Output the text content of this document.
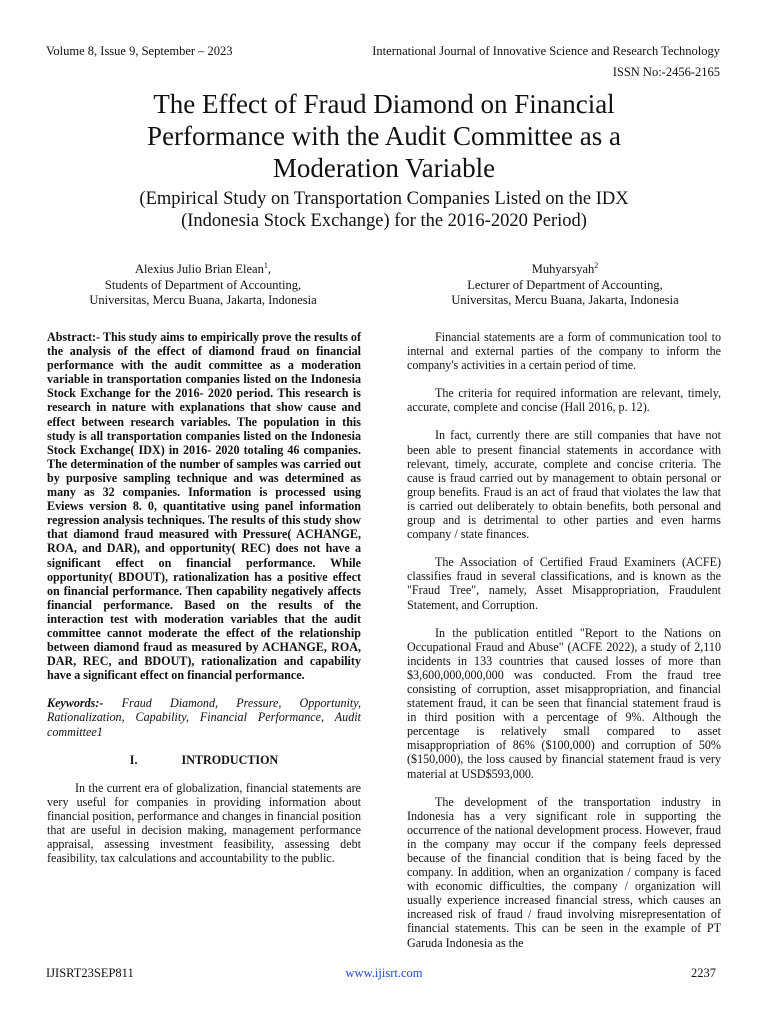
Volume 8, Issue 9, September – 2023	International Journal of Innovative Science and Research Technology
ISSN No:-2456-2165
The Effect of Fraud Diamond on Financial
Performance with the Audit Committee as a
Moderation Variable
(Empirical Study on Transportation Companies Listed on the IDX
(Indonesia Stock Exchange) for the 2016-2020 Period)
Alexius Julio Brian Elean$^1$,
Students of Department of Accounting,
Universitas, Mercu Buana, Jakarta, Indonesia
Muhyarsyah$^2$
Lecturer of Department of Accounting,
Universitas, Mercu Buana, Jakarta, Indonesia

Abstract:- This study aims to empirically prove the results of the analysis of the effect of diamond fraud on financial performance with the audit committee as a moderation variable in transportation companies listed on the Indonesia Stock Exchange for the 2016- 2020 period. This research is research in nature with explanations that show cause and effect between research variables. The population in this study is all transportation companies listed on the Indonesia Stock Exchange( IDX) in 2016- 2020 totaling 46 companies. The determination of the number of samples was carried out by purposive sampling technique and was determined as many as 32 companies. Information is processed using Eviews version 8. 0, quantitative using panel information regression analysis techniques. The results of this study show that diamond fraud measured with Pressure( ACHANGE, ROA, and DAR), and opportunity( REC) does not have a significant effect on financial performance. While opportunity( BDOUT), rationalization has a positive effect on financial performance. Then capability negatively affects financial performance. Based on the results of the interaction test with moderation variables that the audit committee cannot moderate the effect of the relationship between diamond fraud as measured by ACHANGE, ROA, DAR, REC, and BDOUT), rationalization and capability have a significant effect on financial performance.

Keywords:- Fraud Diamond, Pressure, Opportunity, Rationalization, Capability, Financial Performance, Audit committee1

I.	INTRODUCTION

In the current era of globalization, financial statements are very useful for companies in providing information about financial position, performance and changes in financial position that are useful in decision making, management performance appraisal, assessing investment feasibility, assessing debt feasibility, tax calculations and accountability to the public.

Financial statements are a form of communication tool to internal and external parties of the company to inform the company's activities in a certain period of time.

The criteria for required information are relevant, timely, accurate, complete and concise (Hall 2016, p. 12).

In fact, currently there are still companies that have not been able to present financial statements in accordance with relevant, timely, accurate, complete and concise criteria. The cause is fraud carried out by management to obtain personal or group benefits. Fraud is an act of fraud that violates the law that is carried out deliberately to obtain benefits, both personal and group and is detrimental to other parties and even harms company / state finances.

The Association of Certified Fraud Examiners (ACFE) classifies fraud in several classifications, and is known as the "Fraud Tree", namely, Asset Misappropriation, Fraudulent Statement, and Corruption.

In the publication entitled "Report to the Nations on Occupational Fraud and Abuse" (ACFE 2022), a study of 2,110 incidents in 133 countries that caused losses of more than $3,600,000,000,000 was conducted. From the fraud tree consisting of corruption, asset misappropriation, and financial statement fraud, it can be seen that financial statement fraud is in third position with a percentage of 9%. Although the percentage is relatively small compared to asset misappropriation of 86% ($100,000) and corruption of 50% ($150,000), the loss caused by financial statement fraud is very material at USD$593,000.

The development of the transportation industry in Indonesia has a very significant role in supporting the occurrence of the national development process. However, fraud in the company may occur if the company feels depressed because of the financial condition that is being faced by the company. In addition, when an organization / company is faced with economic difficulties, the company / organization will usually experience increased financial stress, which causes an increased risk of fraud / fraud involving misrepresentation of financial statements. This can be seen in the example of PT Garuda Indonesia as the

IJISRT23SEP811	www.ijisrt.com	2237
